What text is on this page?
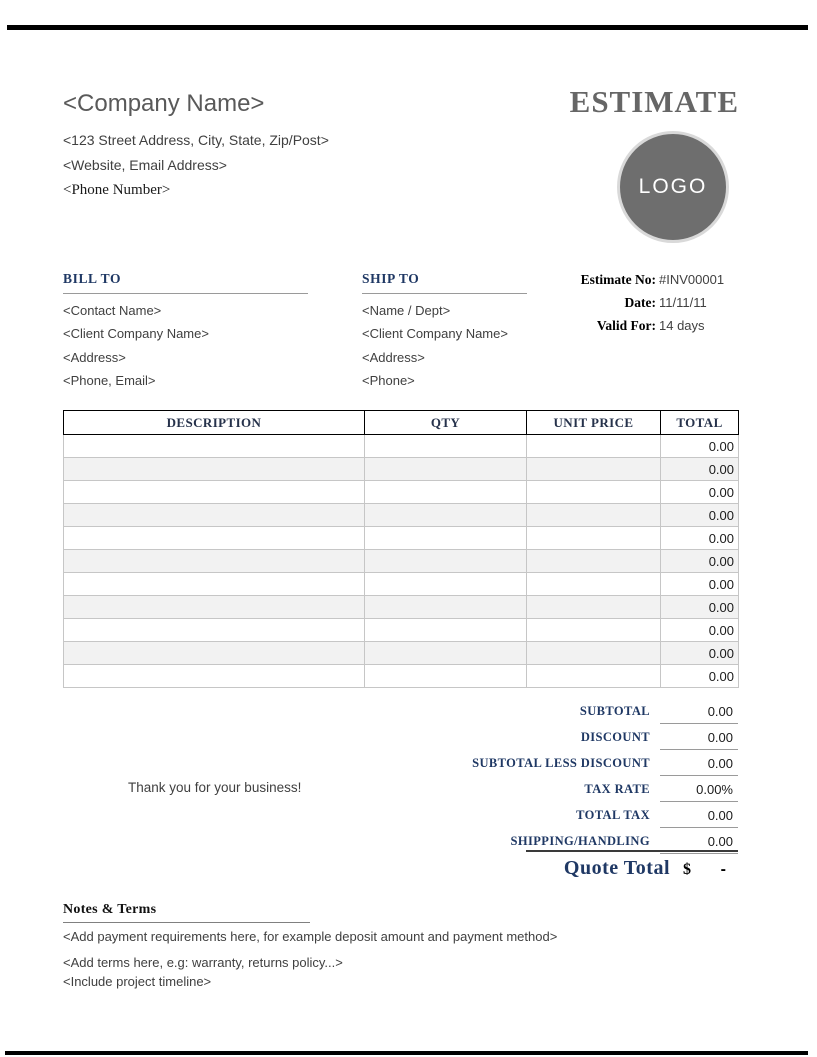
<Company Name>
<123 Street Address, City, State, Zip/Post>
<Website, Email Address>
<Phone Number>
ESTIMATE
LOGO
BILL TO
<Contact Name>
<Client Company Name>
<Address>
<Phone, Email>
SHIP TO
<Name / Dept>
<Client Company Name>
<Address>
<Phone>
Estimate No: #INV00001
Date: 11/11/11
Valid For: 14 days
DESCRIPTION	QTY	UNIT PRICE	TOTAL
			0.00
			0.00
			0.00
			0.00
			0.00
			0.00
			0.00
			0.00
			0.00
			0.00
			0.00
SUBTOTAL	0.00
DISCOUNT	0.00
SUBTOTAL LESS DISCOUNT	0.00
TAX RATE	0.00%
TOTAL TAX	0.00
SHIPPING/HANDLING	0.00
Thank you for your business!
Quote Total $	-
Notes & Terms
<Add payment requirements here, for example deposit amount and payment method>
<Add terms here, e.g: warranty, returns policy...>
<Include project timeline>
